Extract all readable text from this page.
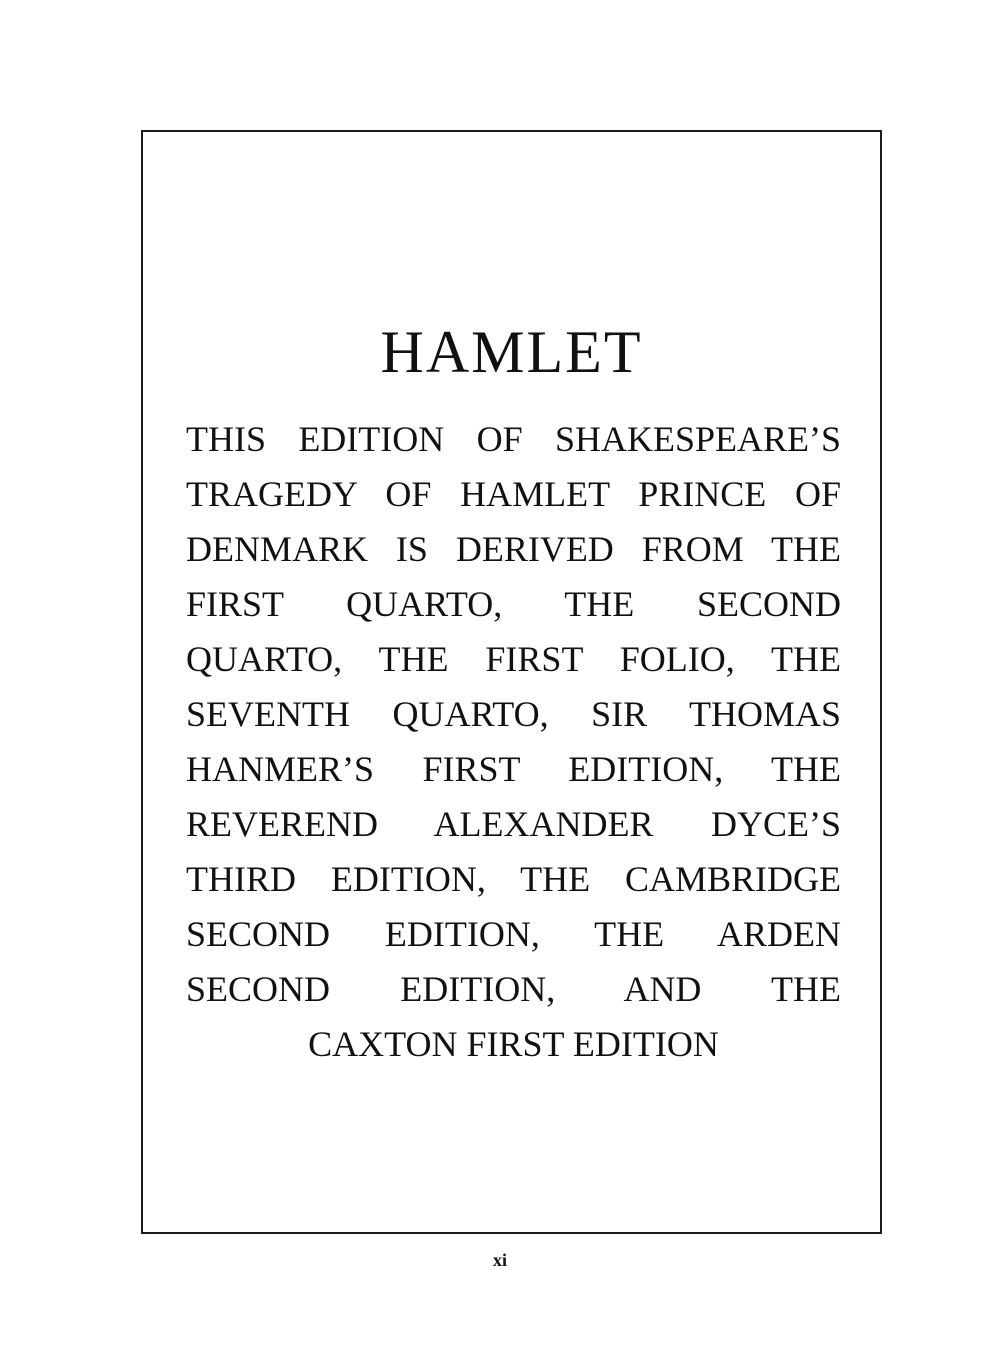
HAMLET
THIS EDITION OF SHAKESPEARE’S
TRAGEDY OF HAMLET PRINCE OF
DENMARK IS DERIVED FROM THE
FIRST QUARTO, THE SECOND
QUARTO, THE FIRST FOLIO, THE
SEVENTH QUARTO, SIR THOMAS
HANMER’S FIRST EDITION, THE
REVEREND ALEXANDER DYCE’S
THIRD EDITION, THE CAMBRIDGE
SECOND EDITION, THE ARDEN
SECOND EDITION, AND THE
CAXTON FIRST EDITION
xi
